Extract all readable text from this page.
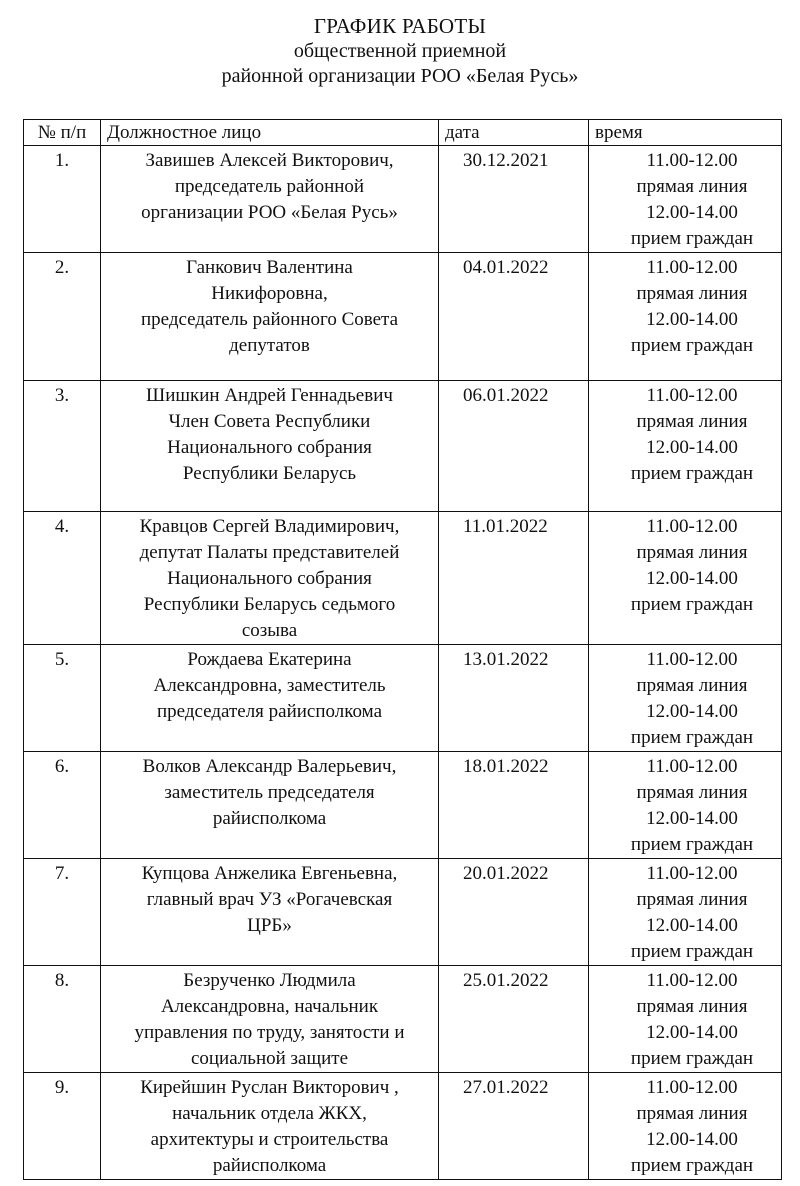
ГРАФИК РАБОТЫ

общественной приемной

районной организации РОО «Белая Русь»

№ п/п	Должностное лицо	дата	время
1.	Завишев Алексей Викторович,
председатель районной
организации РОО «Белая Русь»	30.12.2021	11.00-12.00
прямая линия
12.00-14.00
прием граждан

2.	Ганкович Валентина
Никифоровна,
председатель районного Совета
депутатов	04.01.2022	11.00-12.00
прямая линия
12.00-14.00
прием граждан

3.	Шишкин Андрей Геннадьевич
Член Совета Республики
Национального собрания
Республики Беларусь	06.01.2022	11.00-12.00
прямая линия
12.00-14.00
прием граждан

4.	Кравцов Сергей Владимирович,
депутат Палаты представителей
Национального собрания
Республики Беларусь седьмого
созыва	11.01.2022	11.00-12.00
прямая линия
12.00-14.00
прием граждан

5.	Рождаева Екатерина
Александровна, заместитель
председателя райисполкома	13.01.2022	11.00-12.00
прямая линия
12.00-14.00
прием граждан

6.	Волков Александр Валерьевич,
заместитель председателя
райисполкома	18.01.2022	11.00-12.00
прямая линия
12.00-14.00
прием граждан

7.	Купцова Анжелика Евгеньевна,
главный врач УЗ «Рогачевская
ЦРБ»	20.01.2022	11.00-12.00
прямая линия
12.00-14.00
прием граждан

8.	Безрученко Людмила
Александровна, начальник
управления по труду, занятости и
социальной защите	25.01.2022	11.00-12.00
прямая линия
12.00-14.00
прием граждан

9.	Кирейшин Руслан Викторович ,
начальник отдела ЖКХ,
архитектуры и строительства
райисполкома	27.01.2022	11.00-12.00
прямая линия
12.00-14.00
прием граждан
